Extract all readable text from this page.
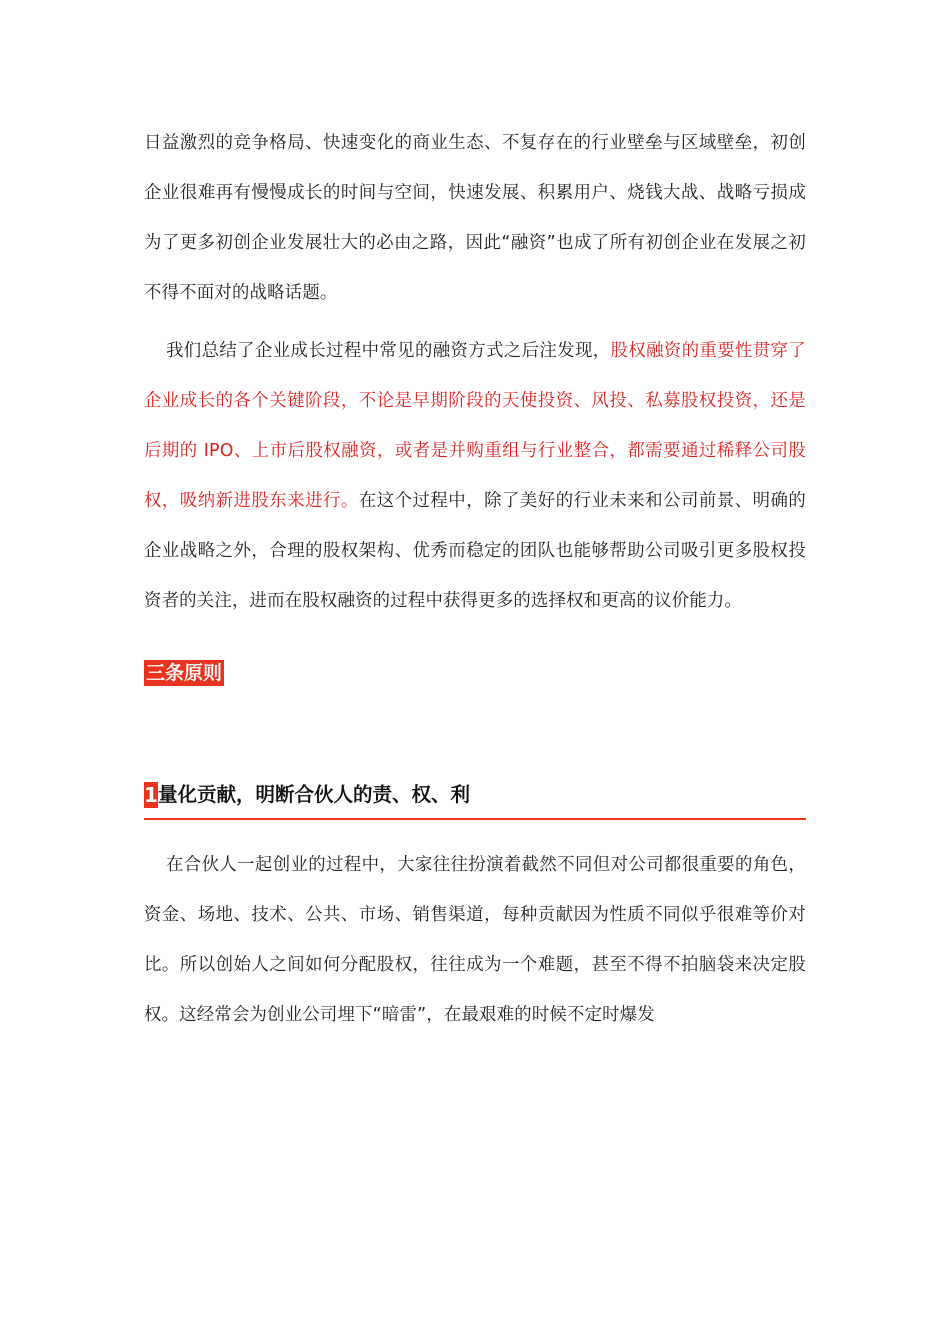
日益激烈的竞争格局、快速变化的商业生态、不复存在的行业壁垒与区域壁垒，初创企业很难再有慢慢成长的时间与空间，快速发展、积累用户、烧钱大战、战略亏损成为了更多初创企业发展壮大的必由之路，因此“融资”也成了所有初创企业在发展之初不得不面对的战略话题。

我们总结了企业成长过程中常见的融资方式之后注发现，股权融资的重要性贯穿了企业成长的各个关键阶段，不论是早期阶段的天使投资、风投、私募股权投资，还是后期的 IPO、上市后股权融资，或者是并购重组与行业整合，都需要通过稀释公司股权，吸纳新进股东来进行。在这个过程中，除了美好的行业未来和公司前景、明确的企业战略之外，合理的股权架构、优秀而稳定的团队也能够帮助公司吸引更多股权投资者的关注，进而在股权融资的过程中获得更多的选择权和更高的议价能力。

三条原则
1量化贡献，明断合伙人的责、权、利

在合伙人一起创业的过程中，大家往往扮演着截然不同但对公司都很重要的角色，资金、场地、技术、公共、市场、销售渠道，每种贡献因为性质不同似乎很难等价对比。所以创始人之间如何分配股权，往往成为一个难题，甚至不得不拍脑袋来决定股权。这经常会为创业公司埋下“暗雷”，在最艰难的时候不定时爆发
